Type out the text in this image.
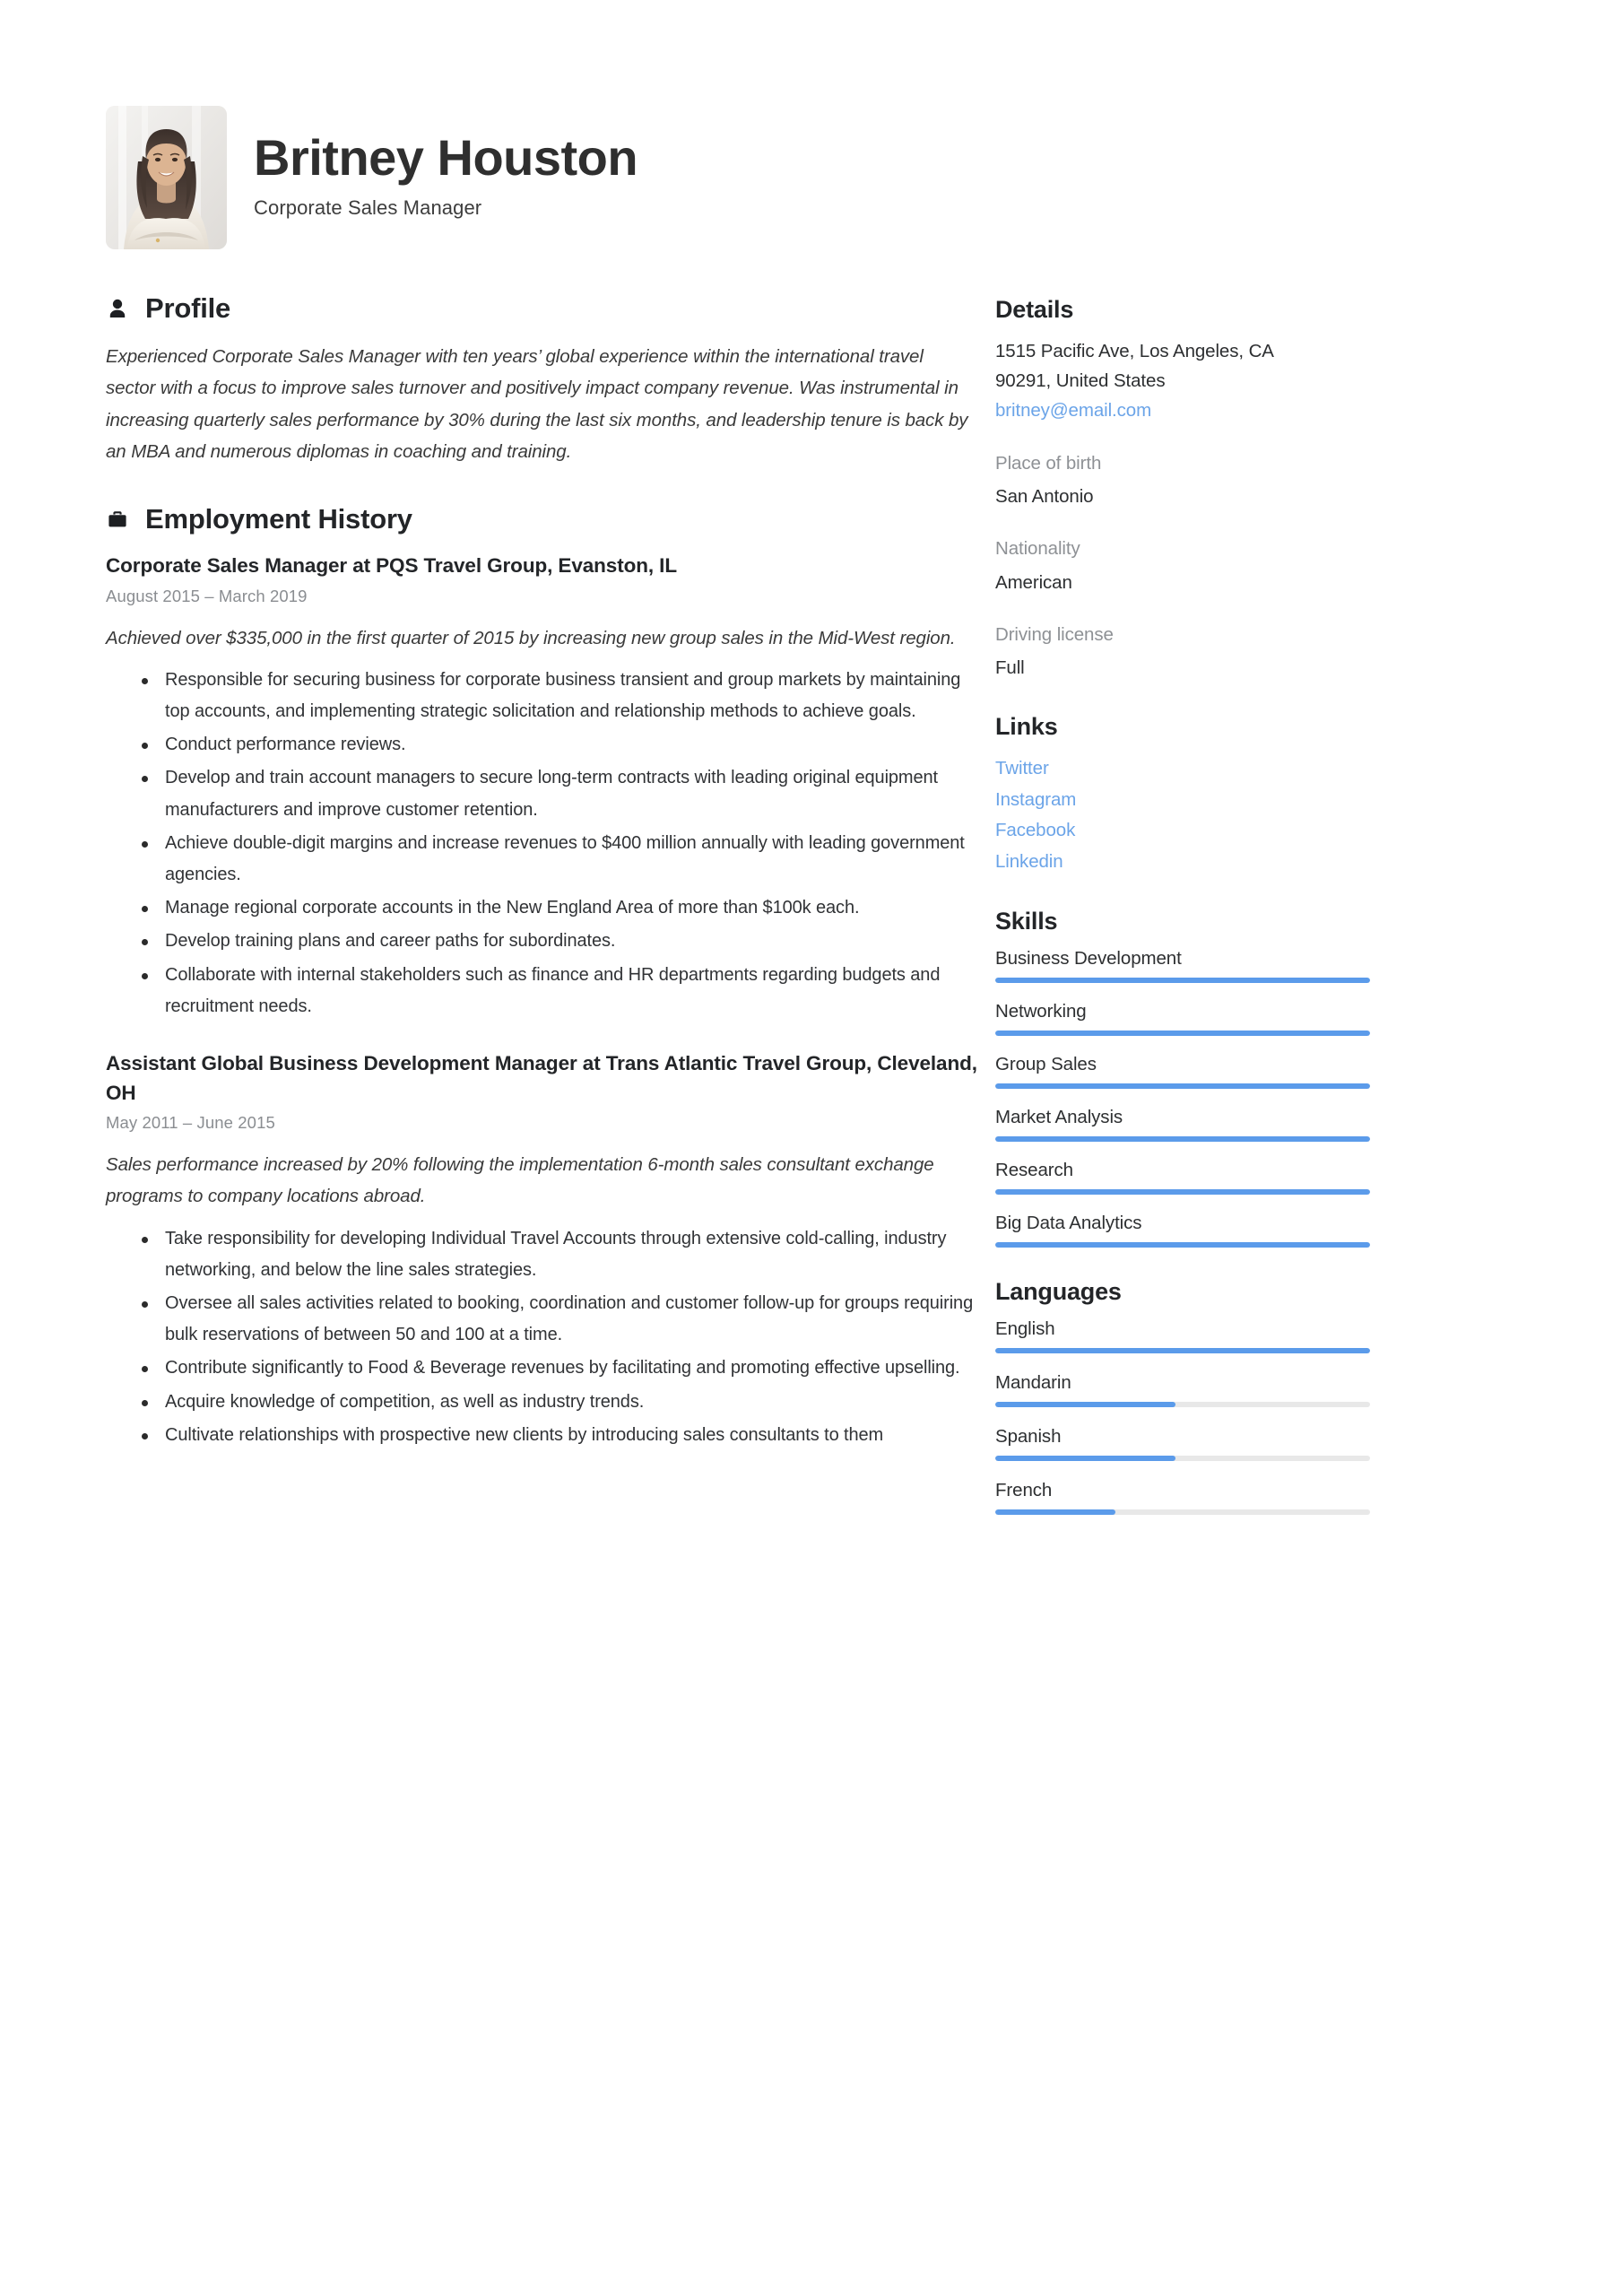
Britney Houston
Corporate Sales Manager
Profile
Experienced Corporate Sales Manager with ten years’ global experience within the international travel sector with a focus to improve sales turnover and positively impact company revenue. Was instrumental in increasing quarterly sales performance by 30% during the last six months, and leadership tenure is back by an MBA and numerous diplomas in coaching and training.
Employment History
Corporate Sales Manager at PQS Travel Group, Evanston, IL
August 2015 – March 2019
Achieved over $335,000 in the first quarter of 2015 by increasing new group sales in the Mid-West region.
Responsible for securing business for corporate business transient and group markets by maintaining top accounts, and implementing strategic solicitation and relationship methods to achieve goals.
Conduct performance reviews.
Develop and train account managers to secure long-term contracts with leading original equipment manufacturers and improve customer retention.
Achieve double-digit margins and increase revenues to $400 million annually with leading government agencies.
Manage regional corporate accounts in the New England Area of more than $100k each.
Develop training plans and career paths for subordinates.
Collaborate with internal stakeholders such as finance and HR departments regarding budgets and recruitment needs.
Assistant Global Business Development Manager at Trans Atlantic Travel Group, Cleveland, OH
May 2011 – June 2015
Sales performance increased by 20% following the implementation 6-month sales consultant exchange programs to company locations abroad.
Take responsibility for developing Individual Travel Accounts through extensive cold-calling, industry networking, and below the line sales strategies.
Oversee all sales activities related to booking, coordination and customer follow-up for groups requiring bulk reservations of between 50 and 100 at a time.
Contribute significantly to Food & Beverage revenues by facilitating and promoting effective upselling.
Acquire knowledge of competition, as well as industry trends.
Cultivate relationships with prospective new clients by introducing sales consultants to them
Details
1515 Pacific Ave, Los Angeles, CA
90291, United States
britney@email.com
Place of birth
San Antonio
Nationality
American
Driving license
Full
Links
Twitter
Instagram
Facebook
Linkedin
Skills
Business Development
Networking
Group Sales
Market Analysis
Research
Big Data Analytics
Languages
English
Mandarin
Spanish
French
